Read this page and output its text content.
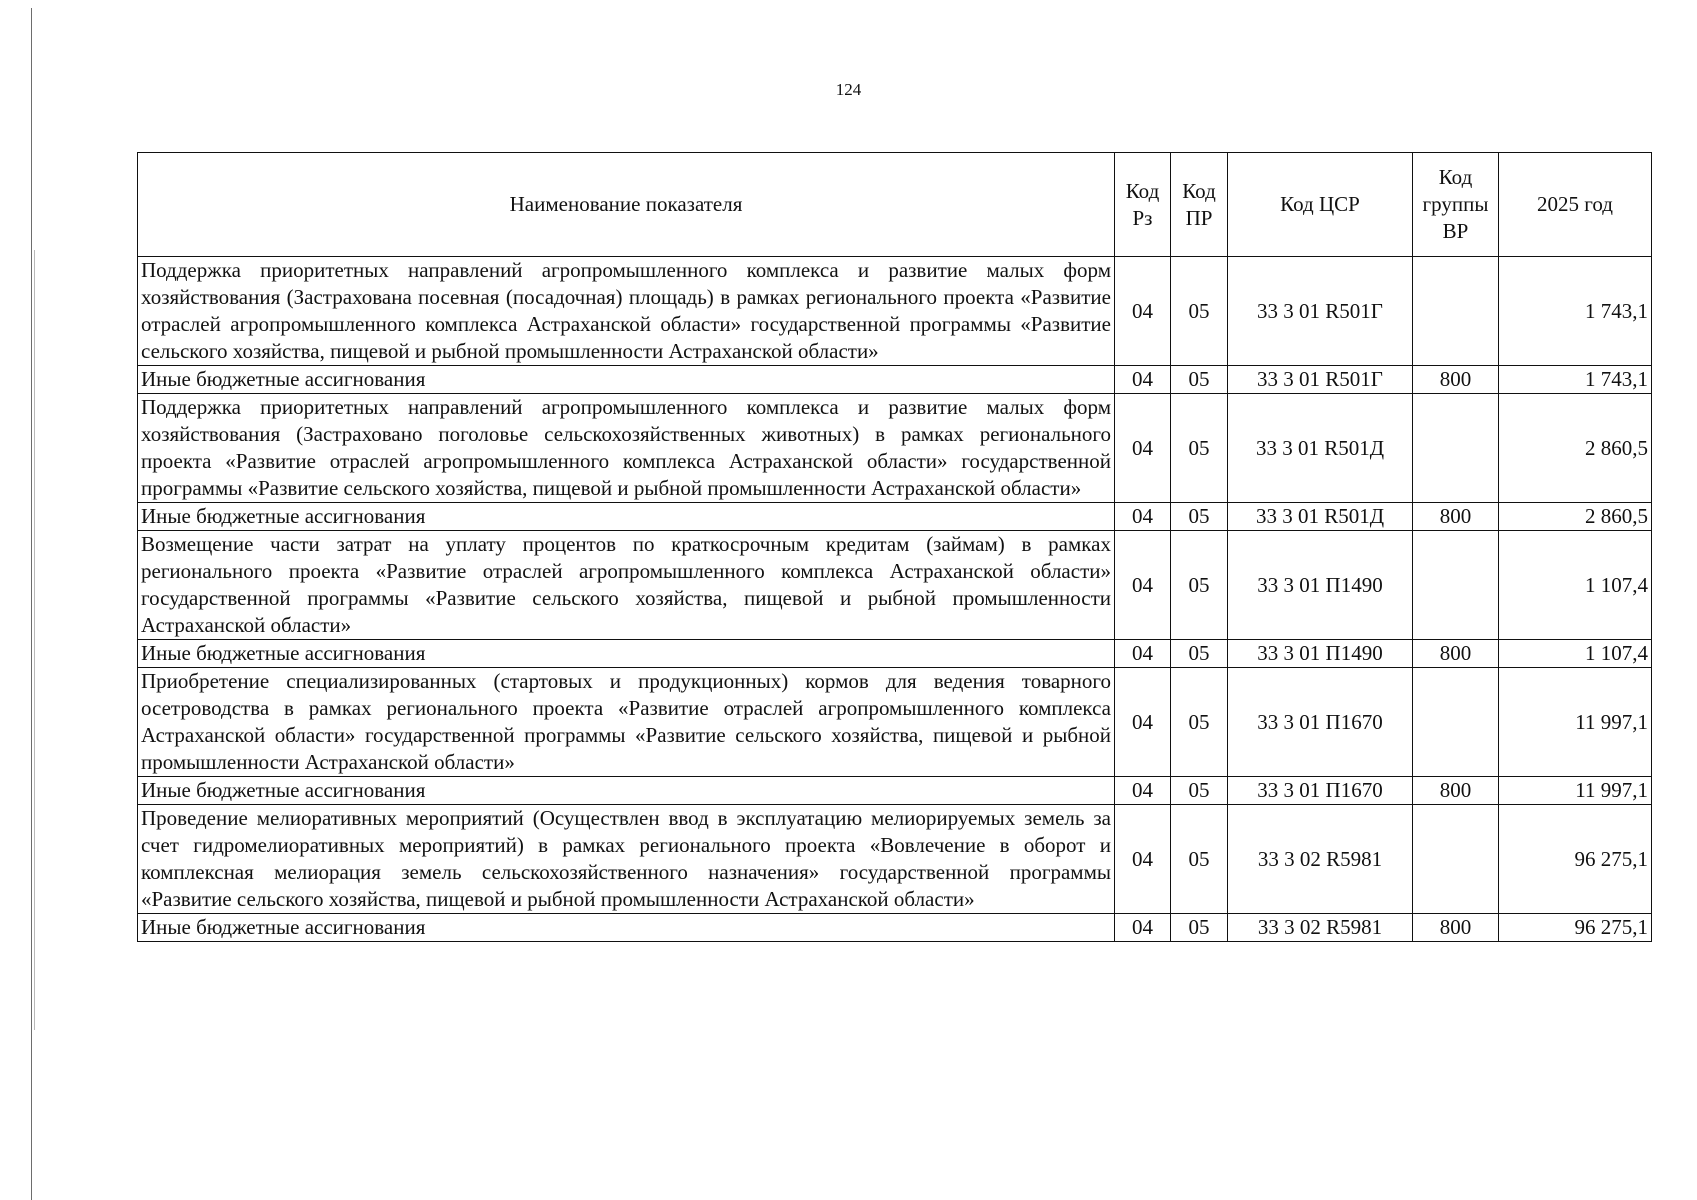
124
Наименование показателя	Код Рз	Код ПР	Код ЦСР	Код группы ВР	2025 год
Поддержка приоритетных направлений агропромышленного комплекса и развитие малых форм хозяйствования (Застрахована посевная (посадочная) площадь) в рамках регионального проекта «Развитие отраслей агропромышленного комплекса Астраханской области» государственной программы «Развитие сельского хозяйства, пищевой и рыбной промышленности Астраханской области»	04	05	33 3 01 R501Г		1 743,1
Иные бюджетные ассигнования	04	05	33 3 01 R501Г	800	1 743,1
Поддержка приоритетных направлений агропромышленного комплекса и развитие малых форм хозяйствования (Застраховано поголовье сельскохозяйственных животных) в рамках регионального проекта «Развитие отраслей агропромышленного комплекса Астраханской области» государственной программы «Развитие сельского хозяйства, пищевой и рыбной промышленности Астраханской области»	04	05	33 3 01 R501Д		2 860,5
Иные бюджетные ассигнования	04	05	33 3 01 R501Д	800	2 860,5
Возмещение части затрат на уплату процентов по краткосрочным кредитам (займам) в рамках регионального проекта «Развитие отраслей агропромышленного комплекса Астраханской области» государственной программы «Развитие сельского хозяйства, пищевой и рыбной промышленности Астраханской области»	04	05	33 3 01 П1490		1 107,4
Иные бюджетные ассигнования	04	05	33 3 01 П1490	800	1 107,4
Приобретение специализированных (стартовых и продукционных) кормов для ведения товарного осетроводства в рамках регионального проекта «Развитие отраслей агропромышленного комплекса Астраханской области» государственной программы «Развитие сельского хозяйства, пищевой и рыбной промышленности Астраханской области»	04	05	33 3 01 П1670		11 997,1
Иные бюджетные ассигнования	04	05	33 3 01 П1670	800	11 997,1
Проведение мелиоративных мероприятий (Осуществлен ввод в эксплуатацию мелиорируемых земель за счет гидромелиоративных мероприятий) в рамках регионального проекта «Вовлечение в оборот и комплексная мелиорация земель сельскохозяйственного назначения» государственной программы «Развитие сельского хозяйства, пищевой и рыбной промышленности Астраханской области»	04	05	33 3 02 R5981		96 275,1
Иные бюджетные ассигнования	04	05	33 3 02 R5981	800	96 275,1
